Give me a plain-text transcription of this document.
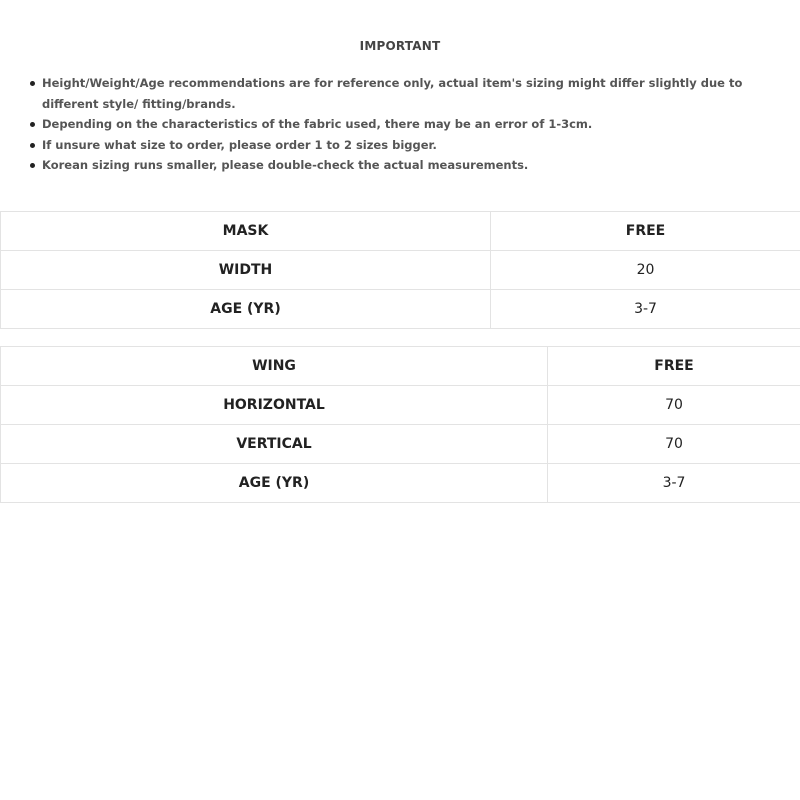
IMPORTANT
Height/Weight/Age recommendations are for reference only, actual item's sizing might differ slightly due to different style/ fitting/brands.
Depending on the characteristics of the fabric used, there may be an error of 1-3cm.
If unsure what size to order, please order 1 to 2 sizes bigger.
Korean sizing runs smaller, please double-check the actual measurements.
MASK	FREE
WIDTH	20
AGE (YR)	3-7
WING	FREE
HORIZONTAL	70
VERTICAL	70
AGE (YR)	3-7
